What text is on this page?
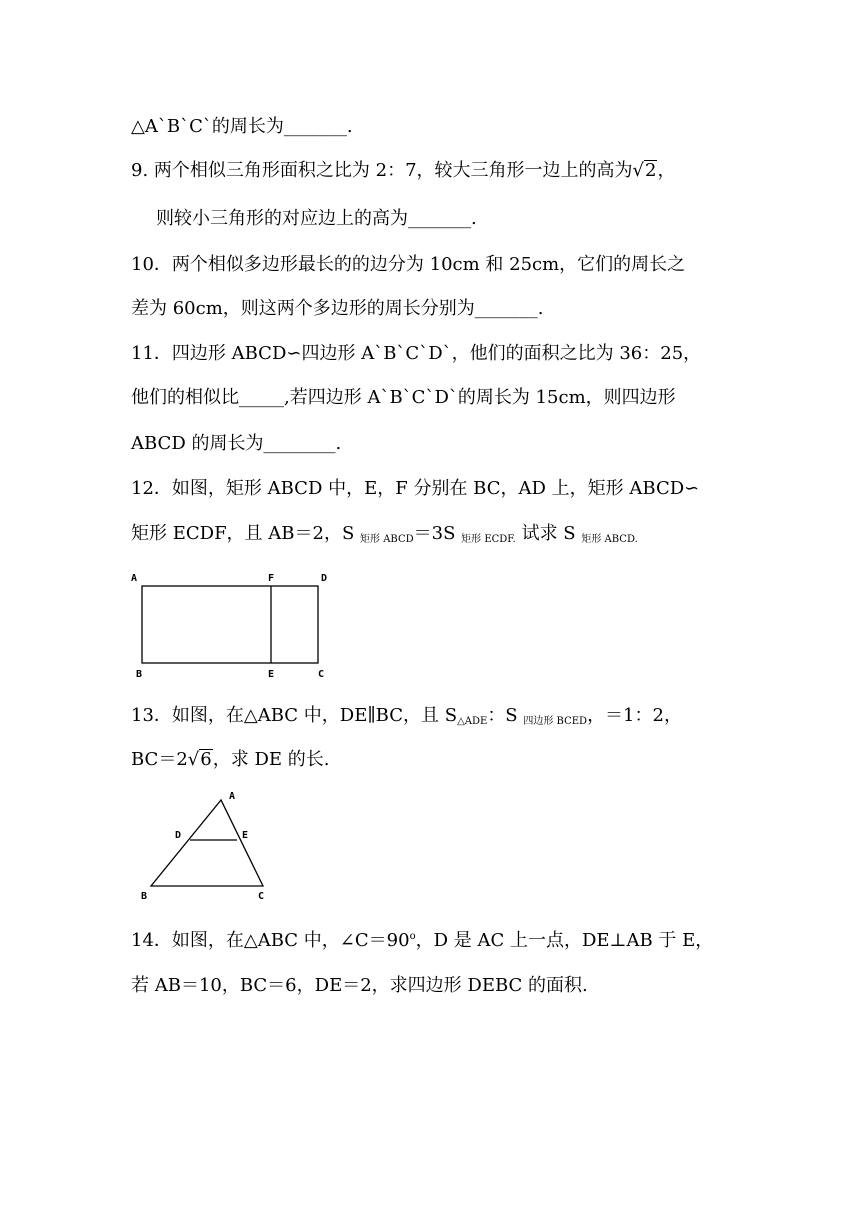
△A`B`C`的周长为_______.
9. 两个相似三角形面积之比为 2：7，较大三角形一边上的高为√2，
则较小三角形的对应边上的高为_______.
10．两个相似多边形最长的的边分为 10cm 和 25cm，它们的周长之
差为 60cm，则这两个多边形的周长分别为_______.
11．四边形 ABCD∽四边形 A`B`C`D`，他们的面积之比为 36：25，
他们的相似比_____,若四边形 A`B`C`D`的周长为 15cm，则四边形
ABCD 的周长为________.
12．如图，矩形 ABCD 中，E，F 分别在 BC，AD 上，矩形 ABCD∽
矩形 ECDF，且 AB＝2，S 矩形 ABCD＝3S 矩形 ECDF. 试求 S 矩形 ABCD.
A	F	D
B	E	C
A
D	E
B	C
13．如图，在△ABC 中，DE∥BC，且 S△ADE：S 四边形 BCED，＝1：2，
BC＝2√6，求 DE 的长.
14．如图，在△ABC 中，$\angle C=90^o$，D 是 AC 上一点，DE⊥AB 于 E，
若 AB＝10，BC＝6，DE＝2，求四边形 DEBC 的面积.
